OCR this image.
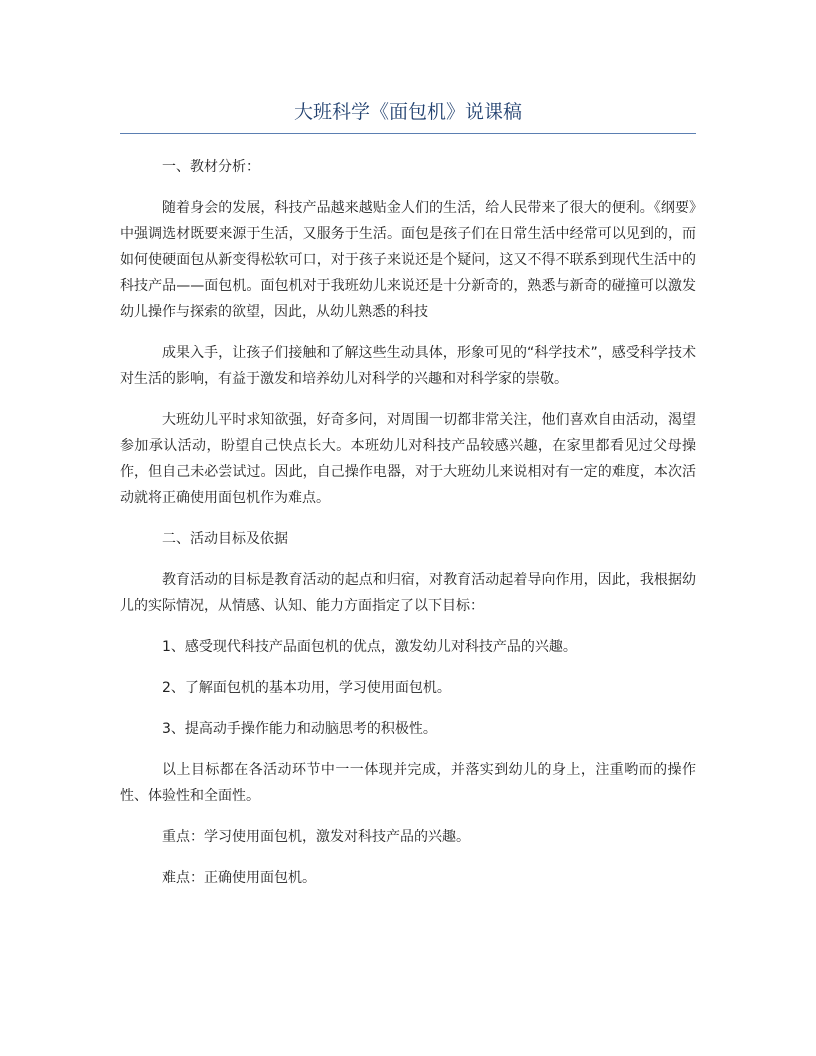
大班科学《面包机》说课稿

一、教材分析：

随着身会的发展，科技产品越来越贴金人们的生活，给人民带来了很大的便利。《纲要》中强调选材既要来源于生活，又服务于生活。面包是孩子们在日常生活中经常可以见到的，而如何使硬面包从新变得松软可口，对于孩子来说还是个疑问，这又不得不联系到现代生活中的科技产品——面包机。面包机对于我班幼儿来说还是十分新奇的，熟悉与新奇的碰撞可以激发幼儿操作与探索的欲望，因此，从幼儿熟悉的科技

成果入手，让孩子们接触和了解这些生动具体，形象可见的“科学技术”，感受科学技术对生活的影响，有益于激发和培养幼儿对科学的兴趣和对科学家的崇敬。

大班幼儿平时求知欲强，好奇多问，对周围一切都非常关注，他们喜欢自由活动，渴望参加承认活动，盼望自己快点长大。本班幼儿对科技产品较感兴趣，在家里都看见过父母操作，但自己未必尝试过。因此，自己操作电器，对于大班幼儿来说相对有一定的难度，本次活动就将正确使用面包机作为难点。

二、活动目标及依据

教育活动的目标是教育活动的起点和归宿，对教育活动起着导向作用，因此，我根据幼儿的实际情况，从情感、认知、能力方面指定了以下目标：

1、感受现代科技产品面包机的优点，激发幼儿对科技产品的兴趣。

2、了解面包机的基本功用，学习使用面包机。

3、提高动手操作能力和动脑思考的积极性。

以上目标都在各活动环节中一一体现并完成，并落实到幼儿的身上，注重哟而的操作性、体验性和全面性。

重点：学习使用面包机，激发对科技产品的兴趣。

难点：正确使用面包机。
